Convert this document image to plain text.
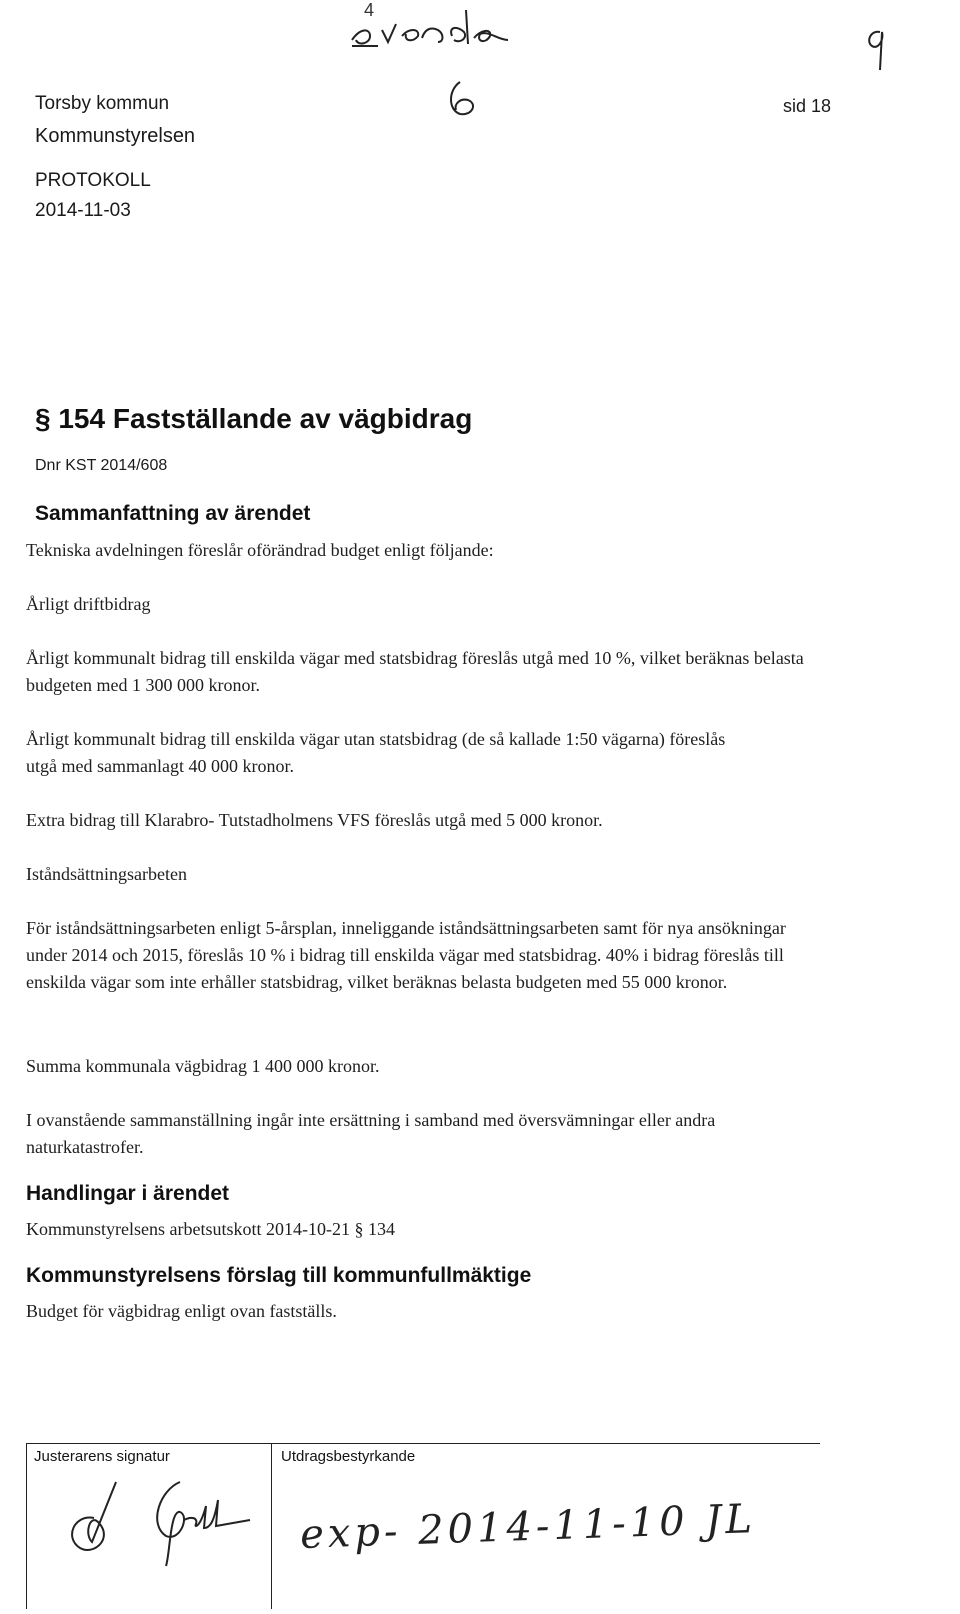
4
Torsby kommun
Kommunstyrelsen
PROTOKOLL
2014-11-03
sid 18
§ 154 Fastställande av vägbidrag
Dnr KST 2014/608
Sammanfattning av ärendet
Tekniska avdelningen föreslår oförändrad budget enligt följande:
Årligt driftbidrag
Årligt kommunalt bidrag till enskilda vägar med statsbidrag föreslås utgå med 10 %, vilket beräknas belasta budgeten med 1 300 000 kronor.
Årligt kommunalt bidrag till enskilda vägar utan statsbidrag (de så kallade 1:50 vägarna) föreslås utgå med sammanlagt 40 000 kronor.
Extra bidrag till Klarabro- Tutstadholmens VFS föreslås utgå med 5 000 kronor.
Iståndsättningsarbeten
För iståndsättningsarbeten enligt 5-årsplan, inneliggande iståndsättningsarbeten samt för nya ansökningar under 2014 och 2015, föreslås 10 % i bidrag till enskilda vägar med statsbidrag. 40% i bidrag föreslås till enskilda vägar som inte erhåller statsbidrag, vilket beräknas belasta budgeten med 55 000 kronor.
Summa kommunala vägbidrag 1 400 000 kronor.
I ovanstående sammanställning ingår inte ersättning i samband med översvämningar eller andra naturkatastrofer.
Handlingar i ärendet
Kommunstyrelsens arbetsutskott 2014-10-21 § 134
Kommunstyrelsens förslag till kommunfullmäktige
Budget för vägbidrag enligt ovan fastställs.
Justerarens signatur	Utdragsbestyrkande
exp- 2014-11-10 JL
